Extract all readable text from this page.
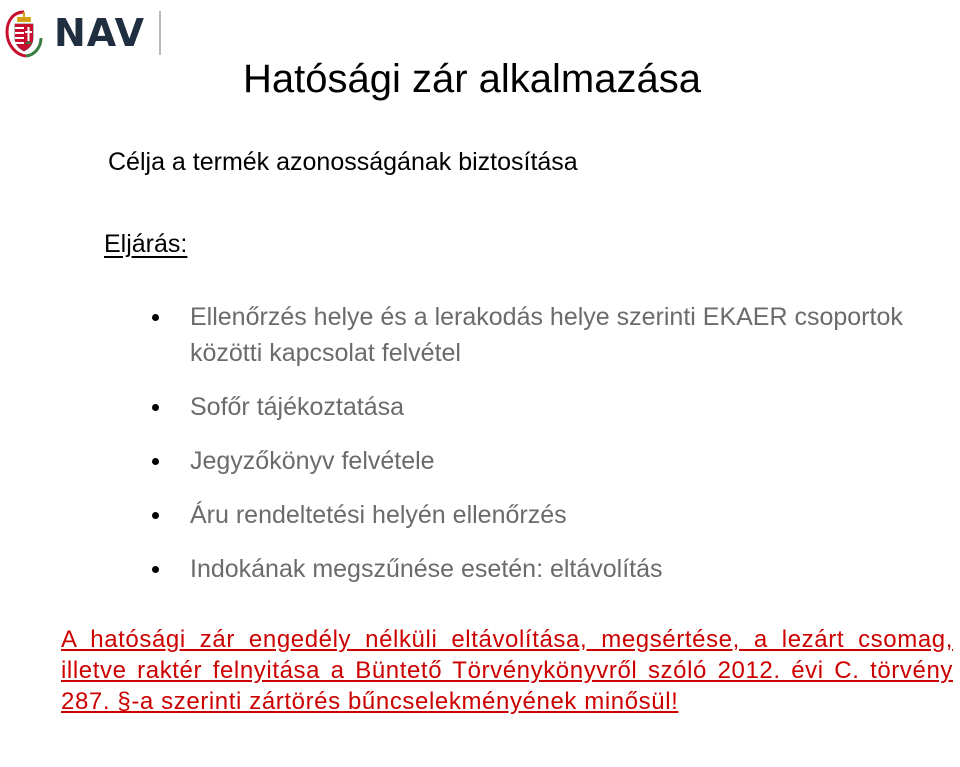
NAV
Hatósági zár alkalmazása
Célja a termék azonosságának biztosítása
Eljárás:
Ellenőrzés helye és a lerakodás helye szerinti EKAER csoportok közötti kapcsolat felvétel
Sofőr tájékoztatása
Jegyzőkönyv felvétele
Áru rendeltetési helyén ellenőrzés
Indokának megszűnése esetén: eltávolítás

A hatósági zár engedély nélküli eltávolítása, megsértése, a lezárt csomag, illetve raktér felnyitása a Büntető Törvénykönyvről szóló 2012. évi C. törvény 287. §-a szerinti zártörés bűncselekményének minősül!
